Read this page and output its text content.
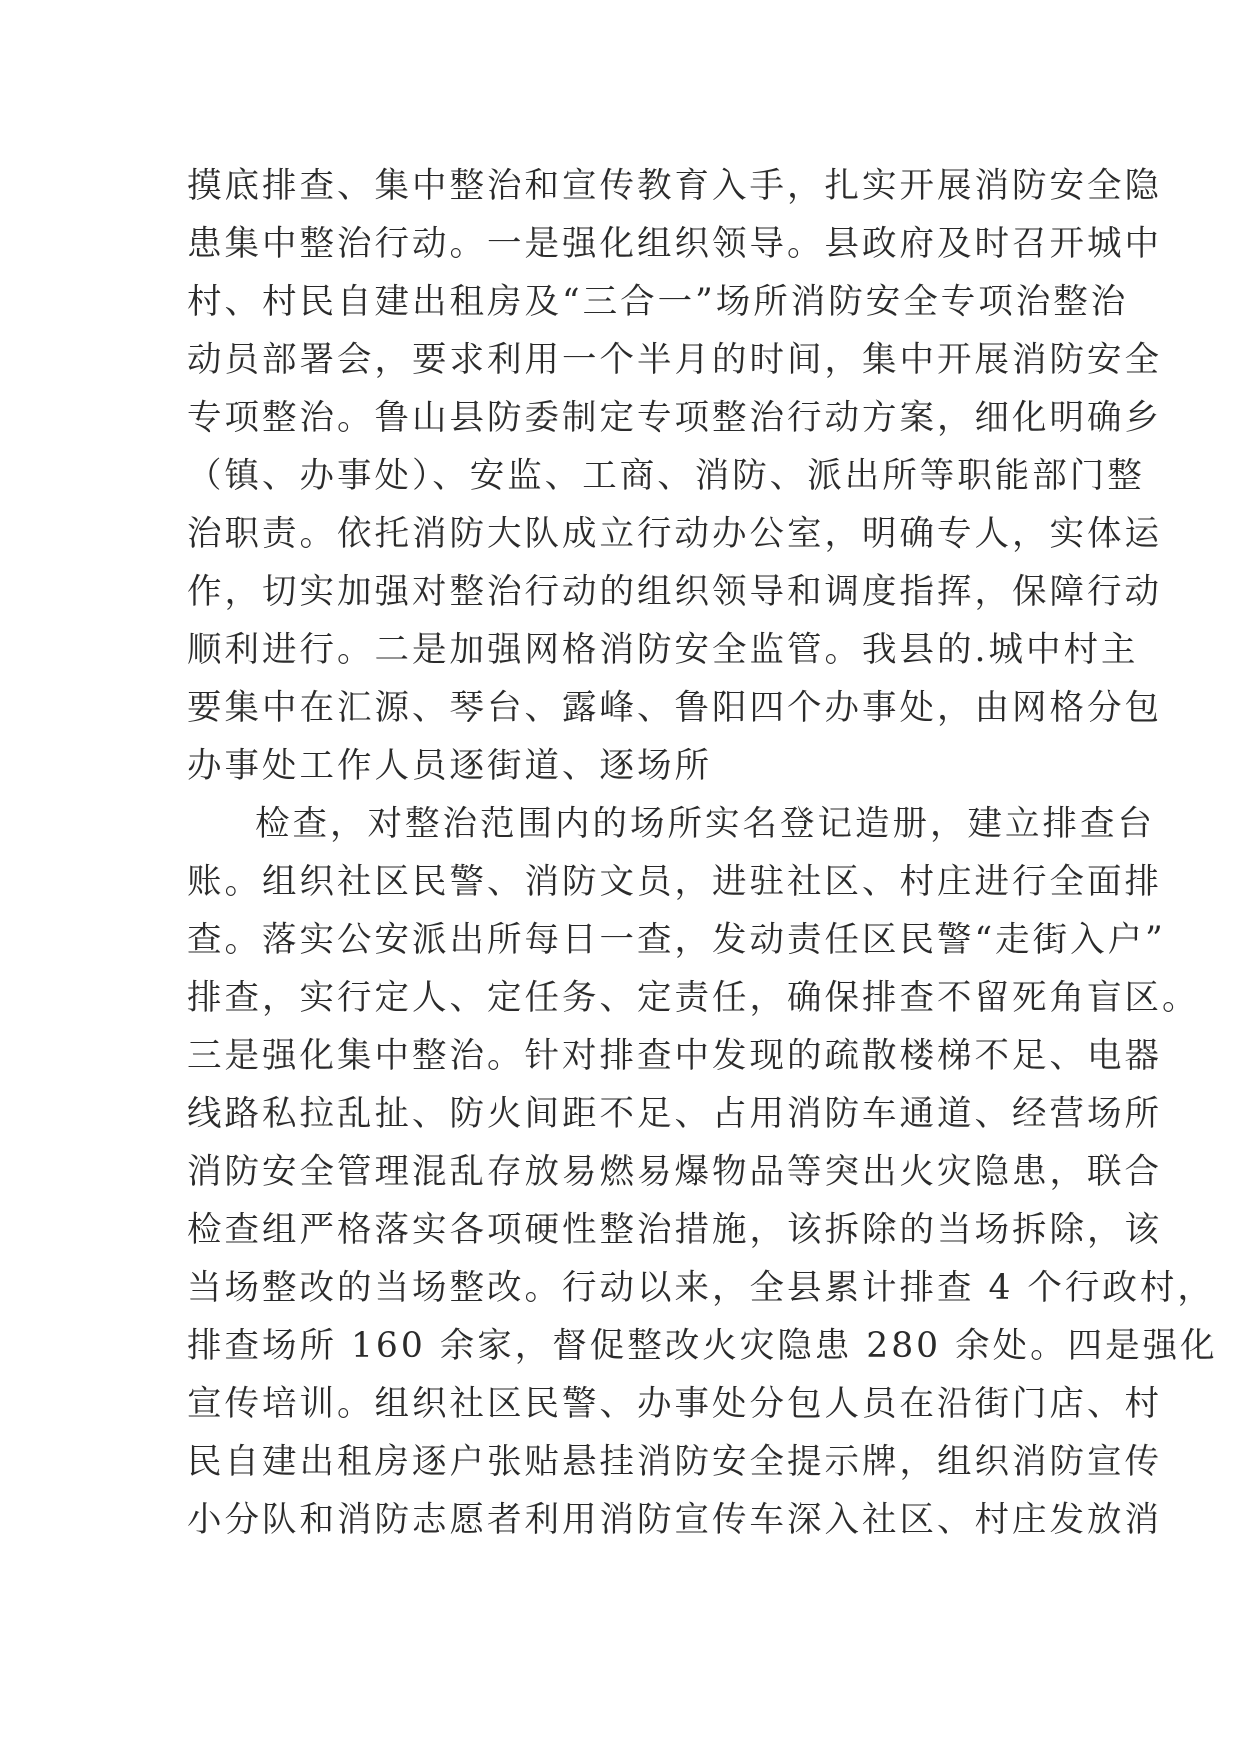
摸底排查、集中整治和宣传教育入手，扎实开展消防安全隐
患集中整治行动。一是强化组织领导。县政府及时召开城中
村、村民自建出租房及“三合一”场所消防安全专项治整治
动员部署会，要求利用一个半月的时间，集中开展消防安全
专项整治。鲁山县防委制定专项整治行动方案，细化明确乡
（镇、办事处）、安监、工商、消防、派出所等职能部门整
治职责。依托消防大队成立行动办公室，明确专人，实体运
作，切实加强对整治行动的组织领导和调度指挥，保障行动
顺利进行。二是加强网格消防安全监管。我县的.城中村主
要集中在汇源、琴台、露峰、鲁阳四个办事处，由网格分包
办事处工作人员逐街道、逐场所
检查，对整治范围内的场所实名登记造册，建立排查台
账。组织社区民警、消防文员，进驻社区、村庄进行全面排
查。落实公安派出所每日一查，发动责任区民警“走街入户”
排查，实行定人、定任务、定责任，确保排查不留死角盲区。
三是强化集中整治。针对排查中发现的疏散楼梯不足、电器
线路私拉乱扯、防火间距不足、占用消防车通道、经营场所
消防安全管理混乱存放易燃易爆物品等突出火灾隐患，联合
检查组严格落实各项硬性整治措施，该拆除的当场拆除，该
当场整改的当场整改。行动以来，全县累计排查 4 个行政村，
排查场所 160 余家，督促整改火灾隐患 280 余处。四是强化
宣传培训。组织社区民警、办事处分包人员在沿街门店、村
民自建出租房逐户张贴悬挂消防安全提示牌，组织消防宣传
小分队和消防志愿者利用消防宣传车深入社区、村庄发放消
